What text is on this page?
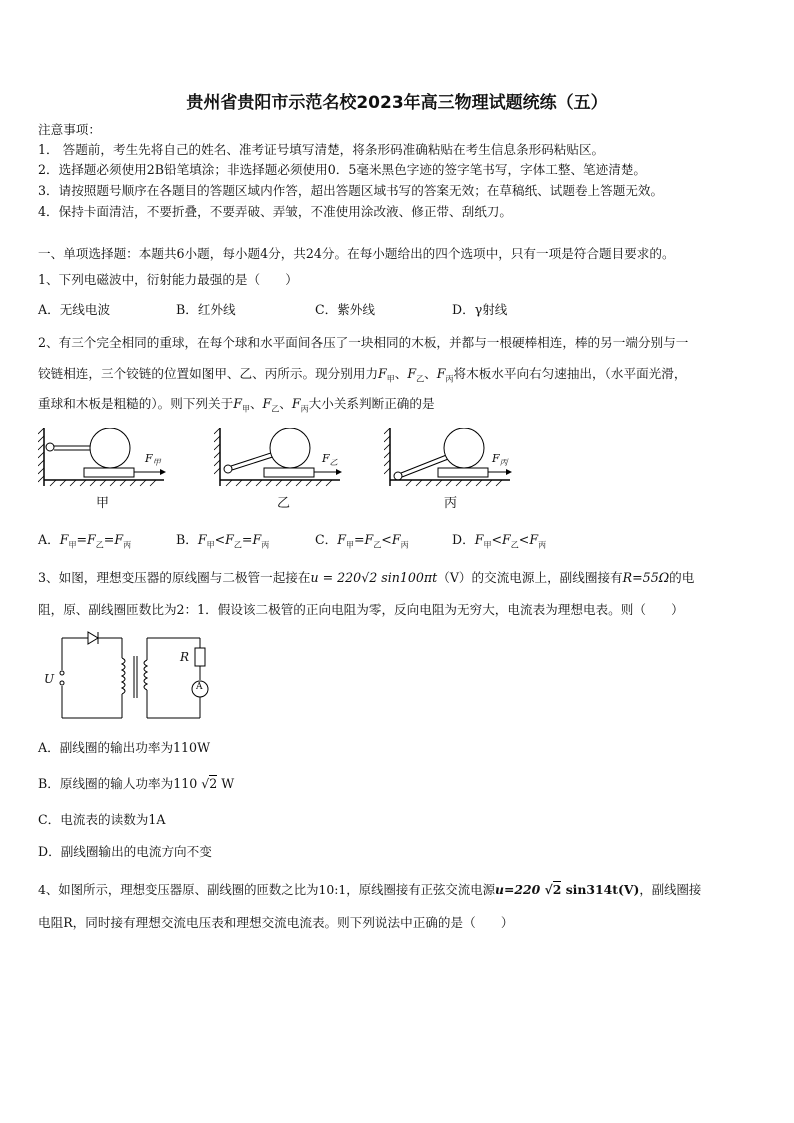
贵州省贵阳市示范名校2023年高三物理试题统练（五）
注意事项：
1． 答题前，考生先将自己的姓名、准考证号填写清楚，将条形码准确粘贴在考生信息条形码粘贴区。
2．选择题必须使用2B铅笔填涂；非选择题必须使用0．5毫米黑色字迹的签字笔书写，字体工整、笔迹清楚。
3．请按照题号顺序在各题目的答题区域内作答，超出答题区域书写的答案无效；在草稿纸、试题卷上答题无效。
4．保持卡面清洁，不要折叠，不要弄破、弄皱，不准使用涂改液、修正带、刮纸刀。
一、单项选择题：本题共6小题，每小题4分，共24分。在每小题给出的四个选项中，只有一项是符合题目要求的。
1、下列电磁波中，衍射能力最强的是（　　）
A．无线电波	B．红外线	C．紫外线	D．γ射线
2、有三个完全相同的重球，在每个球和水平面间各压了一块相同的木板，并都与一根硬棒相连，棒的另一端分别与一
铰链相连，三个铰链的位置如图甲、乙、丙所示。现分别用力$F_甲$、$F_乙$、$F_丙$将木板水平向右匀速抽出，（水平面光滑，
重球和木板是粗糙的）。则下列关于$F_甲$、$F_乙$、$F_丙$大小关系判断正确的是
$F_甲$
甲
$F_乙$
乙
$F_丙$
丙
A．$F_甲=F_乙=F_丙$	B．$F_甲<F_乙=F_丙$	C．$F_甲=F_乙<F_丙$	D．$F_甲<F_乙<F_丙$
3、如图，理想变压器的原线圈与二极管一起接在u = 220√2 sin100πt（V）的交流电源上，副线圈接有R=55Ω的电
阻，原、副线圈匝数比为2：1．假设该二极管的正向电阻为零，反向电阻为无穷大，电流表为理想电表。则（　　）
U
R
A
A．副线圈的输出功率为110W
B．原线圈的输人功率为110 √2 W
C．电流表的读数为1A
D．副线圈输出的电流方向不变
4、如图所示，理想变压器原、副线圈的匝数之比为10:1，原线圈接有正弦交流电源u=220 √2 sin314t(V)，副线圈接
电阻R，同时接有理想交流电压表和理想交流电流表。则下列说法中正确的是（　　）
